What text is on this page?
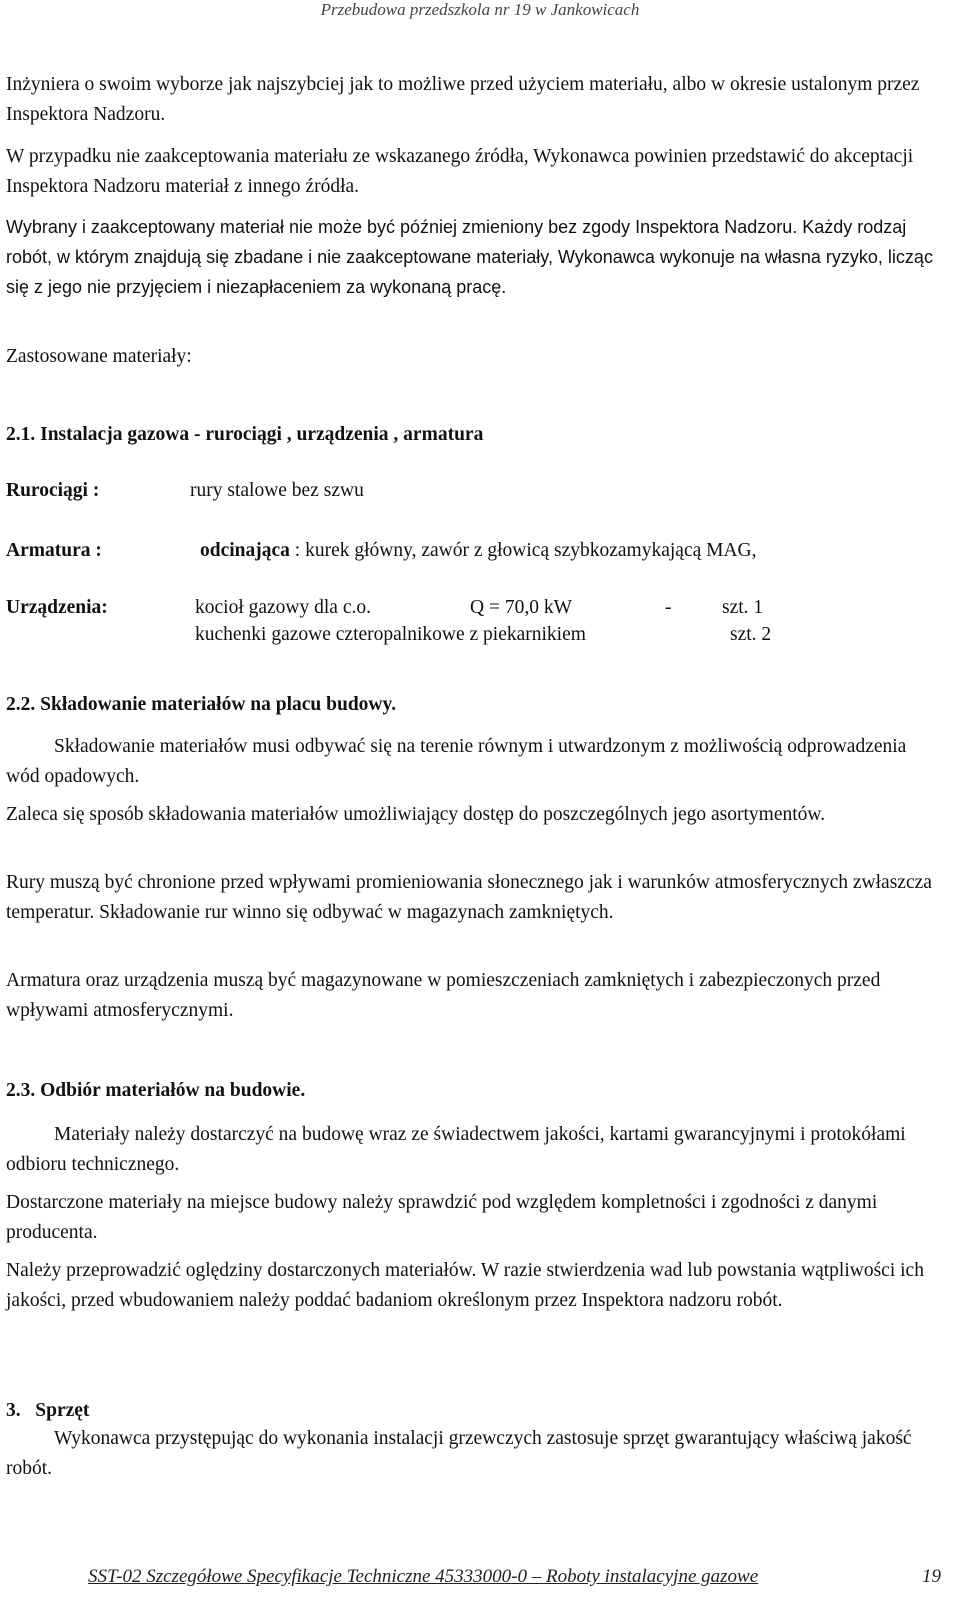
Przebudowa przedszkola nr 19 w Jankowicach
Inżyniera o swoim wyborze jak najszybciej jak to możliwe przed użyciem materiału, albo w okresie ustalonym przez Inspektora Nadzoru.
W przypadku nie zaakceptowania materiału ze wskazanego źródła, Wykonawca powinien przedstawić do akceptacji Inspektora Nadzoru materiał z innego źródła.
Wybrany i zaakceptowany materiał nie może być później zmieniony bez zgody Inspektora Nadzoru. Każdy rodzaj robót, w którym znajdują się zbadane i nie zaakceptowane materiały, Wykonawca wykonuje na własna ryzyko, licząc się z jego nie przyjęciem i niezapłaceniem za wykonaną pracę.
Zastosowane materiały:
2.1. Instalacja gazowa - rurociągi , urządzenia , armatura
Rurociągi :	rury stalowe bez szwu
Armatura :	odcinająca : kurek główny, zawór z głowicą szybkozamykającą MAG,
Urządzenia:	kocioł gazowy dla c.o.	Q = 70,0 kW	-	szt. 1
kuchenki gazowe czteropalnikowe z piekarnikiem	szt. 2
2.2. Składowanie materiałów na placu budowy.
Składowanie materiałów musi odbywać się na terenie równym i utwardzonym z możliwością odprowadzenia wód opadowych.
Zaleca się sposób składowania materiałów umożliwiający dostęp do poszczególnych jego asortymentów.
Rury muszą być chronione przed wpływami promieniowania słonecznego jak i warunków atmosferycznych zwłaszcza temperatur. Składowanie rur winno się odbywać w magazynach zamkniętych.
Armatura oraz urządzenia muszą być magazynowane w pomieszczeniach zamkniętych i zabezpieczonych przed wpływami atmosferycznymi.
2.3. Odbiór materiałów na budowie.
Materiały należy dostarczyć na budowę wraz ze świadectwem jakości, kartami gwarancyjnymi i protokółami odbioru technicznego.
Dostarczone materiały na miejsce budowy należy sprawdzić pod względem kompletności i zgodności z danymi producenta.
Należy przeprowadzić oględziny dostarczonych materiałów. W razie stwierdzenia wad lub powstania wątpliwości ich jakości, przed wbudowaniem należy poddać badaniom określonym przez Inspektora nadzoru robót.
3.   Sprzęt
Wykonawca przystępując do wykonania instalacji grzewczych zastosuje sprzęt gwarantujący właściwą jakość robót.
SST-02 Szczegółowe Specyfikacje Techniczne 45333000-0 – Roboty instalacyjne gazowe	19
